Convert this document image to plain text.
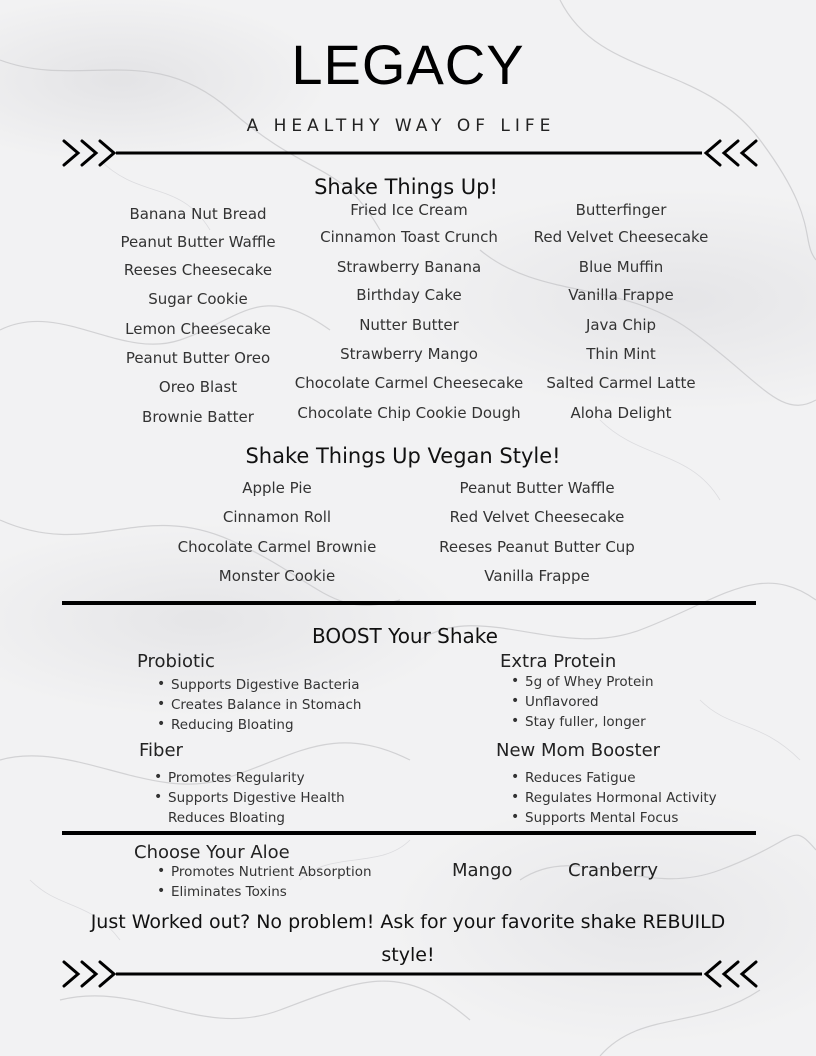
LEGACY
A HEALTHY WAY OF LIFE
Shake Things Up!
Banana Nut Bread
Peanut Butter Waffle
Reeses Cheesecake
Sugar Cookie
Lemon Cheesecake
Peanut Butter Oreo
Oreo Blast
Brownie Batter
Fried Ice Cream
Cinnamon Toast Crunch
Strawberry Banana
Birthday Cake
Nutter Butter
Strawberry Mango
Chocolate Carmel Cheesecake
Chocolate Chip Cookie Dough
Butterfinger
Red Velvet Cheesecake
Blue Muffin
Vanilla Frappe
Java Chip
Thin Mint
Salted Carmel Latte
Aloha Delight
Shake Things Up Vegan Style!
Apple Pie
Cinnamon Roll
Chocolate Carmel Brownie
Monster Cookie
Peanut Butter Waffle
Red Velvet Cheesecake
Reeses Peanut Butter Cup
Vanilla Frappe
BOOST Your Shake
Probiotic
• Supports Digestive Bacteria
• Creates Balance in Stomach
• Reducing Bloating
Fiber
• Promotes Regularity
• Supports Digestive Health
Reduces Bloating
Extra Protein
• 5g of Whey Protein
• Unflavored
• Stay fuller, longer
New Mom Booster
• Reduces Fatigue
• Regulates Hormonal Activity
• Supports Mental Focus
Choose Your Aloe
• Promotes Nutrient Absorption
• Eliminates Toxins
Mango	Cranberry
Just Worked out? No problem! Ask for your favorite shake REBUILD
style!
